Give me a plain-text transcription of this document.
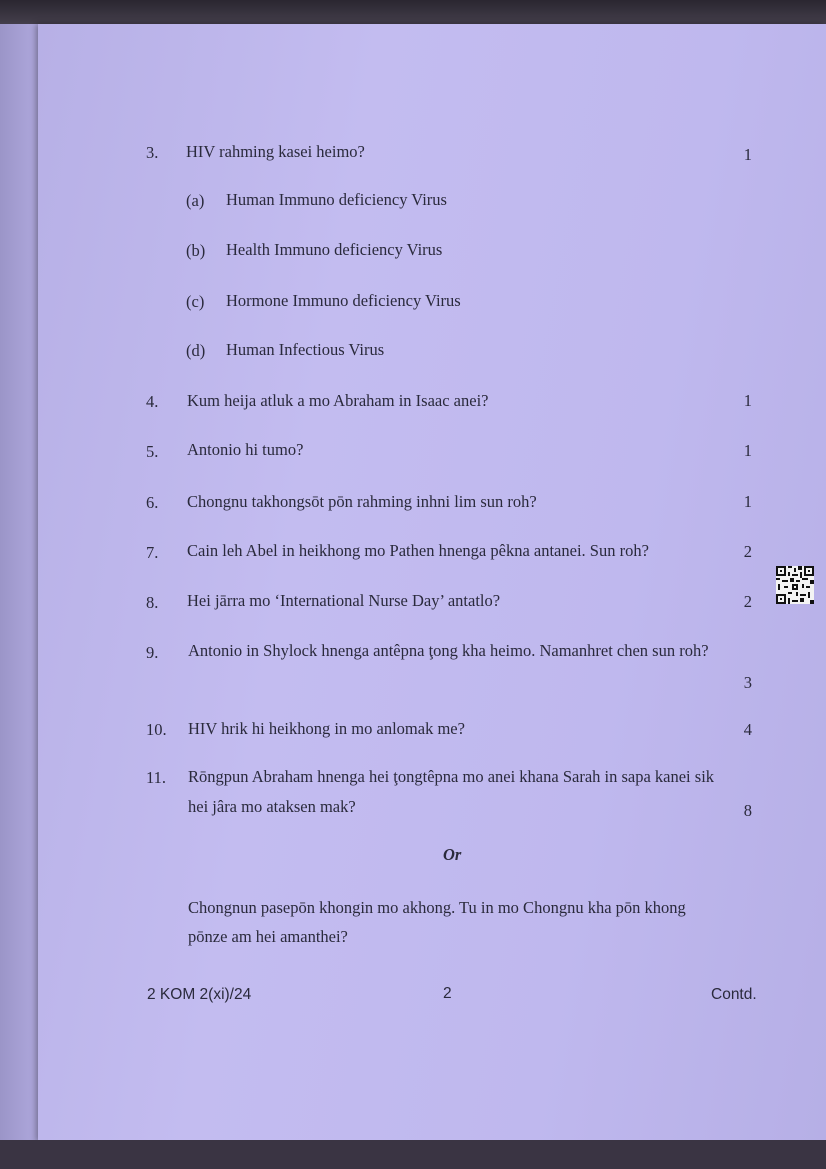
3. HIV rahming kasei heimo?	1
(a) Human Immuno deficiency Virus
(b) Health Immuno deficiency Virus
(c) Hormone Immuno deficiency Virus
(d) Human Infectious Virus
4. Kum heija atluk a mo Abraham in Isaac anei?	1
5. Antonio hi tumo?	1
6. Chongnu takhongsōt pōn rahming inhni lim sun roh?	1
7. Cain leh Abel in heikhong mo Pathen hnenga pêkna antanei. Sun roh?	2
8. Hei jārra mo ‘International Nurse Day’ antatlo?	2
9. Antonio in Shylock hnenga antêpna ţong kha heimo. Namanhret chen sun roh?
3
10. HIV hrik hi heikhong in mo anlomak me?	4
11. Rōngpun Abraham hnenga hei ţongtêpna mo anei khana Sarah in sapa kanei sik
hei jâra mo ataksen mak?	8
Or
Chongnun pasepōn khongin mo akhong. Tu in mo Chongnu kha pōn khong
pōnze am hei amanthei?
2 KOM 2(xi)/24	2	Contd.
